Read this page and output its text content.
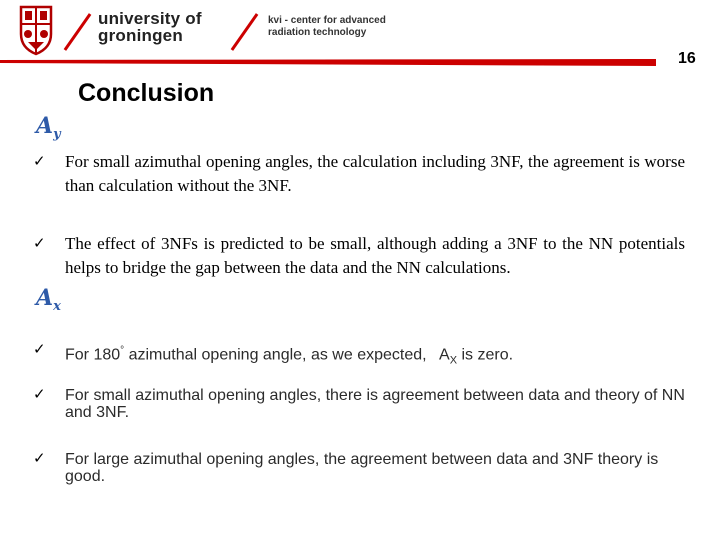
university of
groningen
kvi - center for advanced
radiation technology
16
Conclusion
$A_y$
✓ For small azimuthal opening angles, the calculation including 3NF, the agreement is worse than calculation without the 3NF.
✓ The effect of 3NFs is predicted to be small, although adding a 3NF to the NN potentials helps to bridge the gap between the data and the NN calculations.
$A_x$
✓ For 180° azimuthal opening angle, as we expected, $A_X$ is zero.
✓ For small azimuthal opening angles, there is agreement between data and theory of NN and 3NF.
✓ For large azimuthal opening angles, the agreement between data and 3NF theory is good.
